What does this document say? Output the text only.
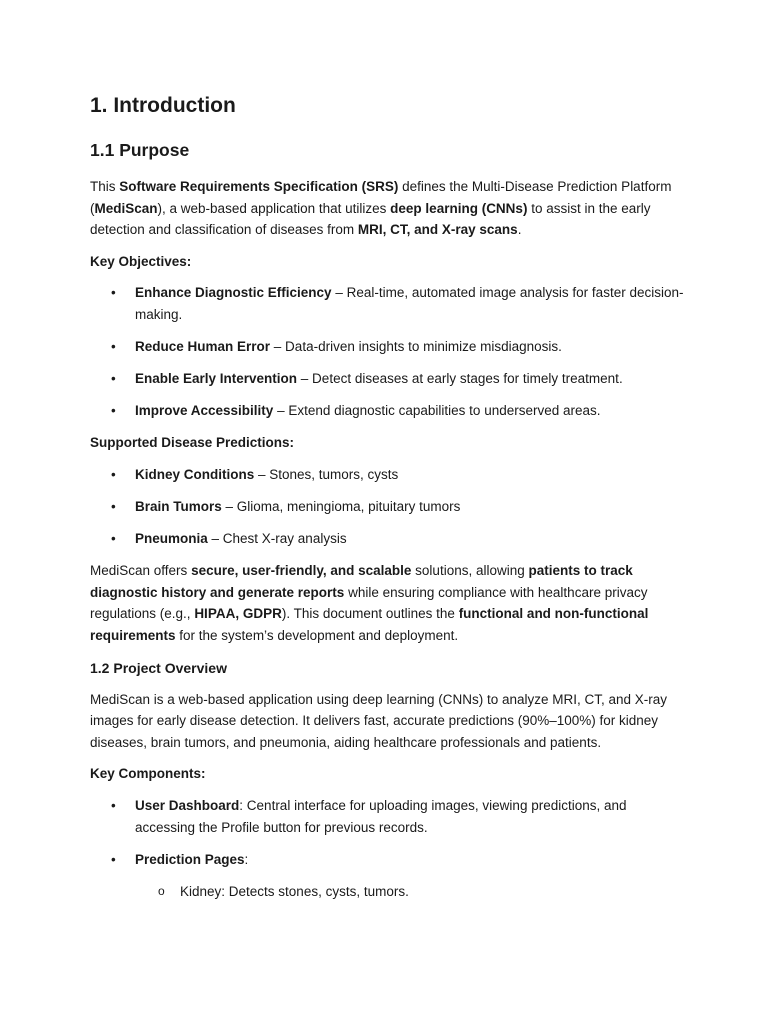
1. Introduction
1.1 Purpose

This Software Requirements Specification (SRS) defines the Multi-Disease Prediction Platform (MediScan), a web-based application that utilizes deep learning (CNNs) to assist in the early detection and classification of diseases from MRI, CT, and X-ray scans.

Key Objectives:
• Enhance Diagnostic Efficiency – Real-time, automated image analysis for faster decision-making.
• Reduce Human Error – Data-driven insights to minimize misdiagnosis.
• Enable Early Intervention – Detect diseases at early stages for timely treatment.
• Improve Accessibility – Extend diagnostic capabilities to underserved areas.
Supported Disease Predictions:
• Kidney Conditions – Stones, tumors, cysts
• Brain Tumors – Glioma, meningioma, pituitary tumors
• Pneumonia – Chest X-ray analysis

MediScan offers secure, user-friendly, and scalable solutions, allowing patients to track diagnostic history and generate reports while ensuring compliance with healthcare privacy regulations (e.g., HIPAA, GDPR). This document outlines the functional and non-functional requirements for the system’s development and deployment.

1.2 Project Overview

MediScan is a web-based application using deep learning (CNNs) to analyze MRI, CT, and X-ray images for early disease detection. It delivers fast, accurate predictions (90%–100%) for kidney diseases, brain tumors, and pneumonia, aiding healthcare professionals and patients.

Key Components:
• User Dashboard: Central interface for uploading images, viewing predictions, and accessing the Profile button for previous records.
• Prediction Pages:
o Kidney: Detects stones, cysts, tumors.
